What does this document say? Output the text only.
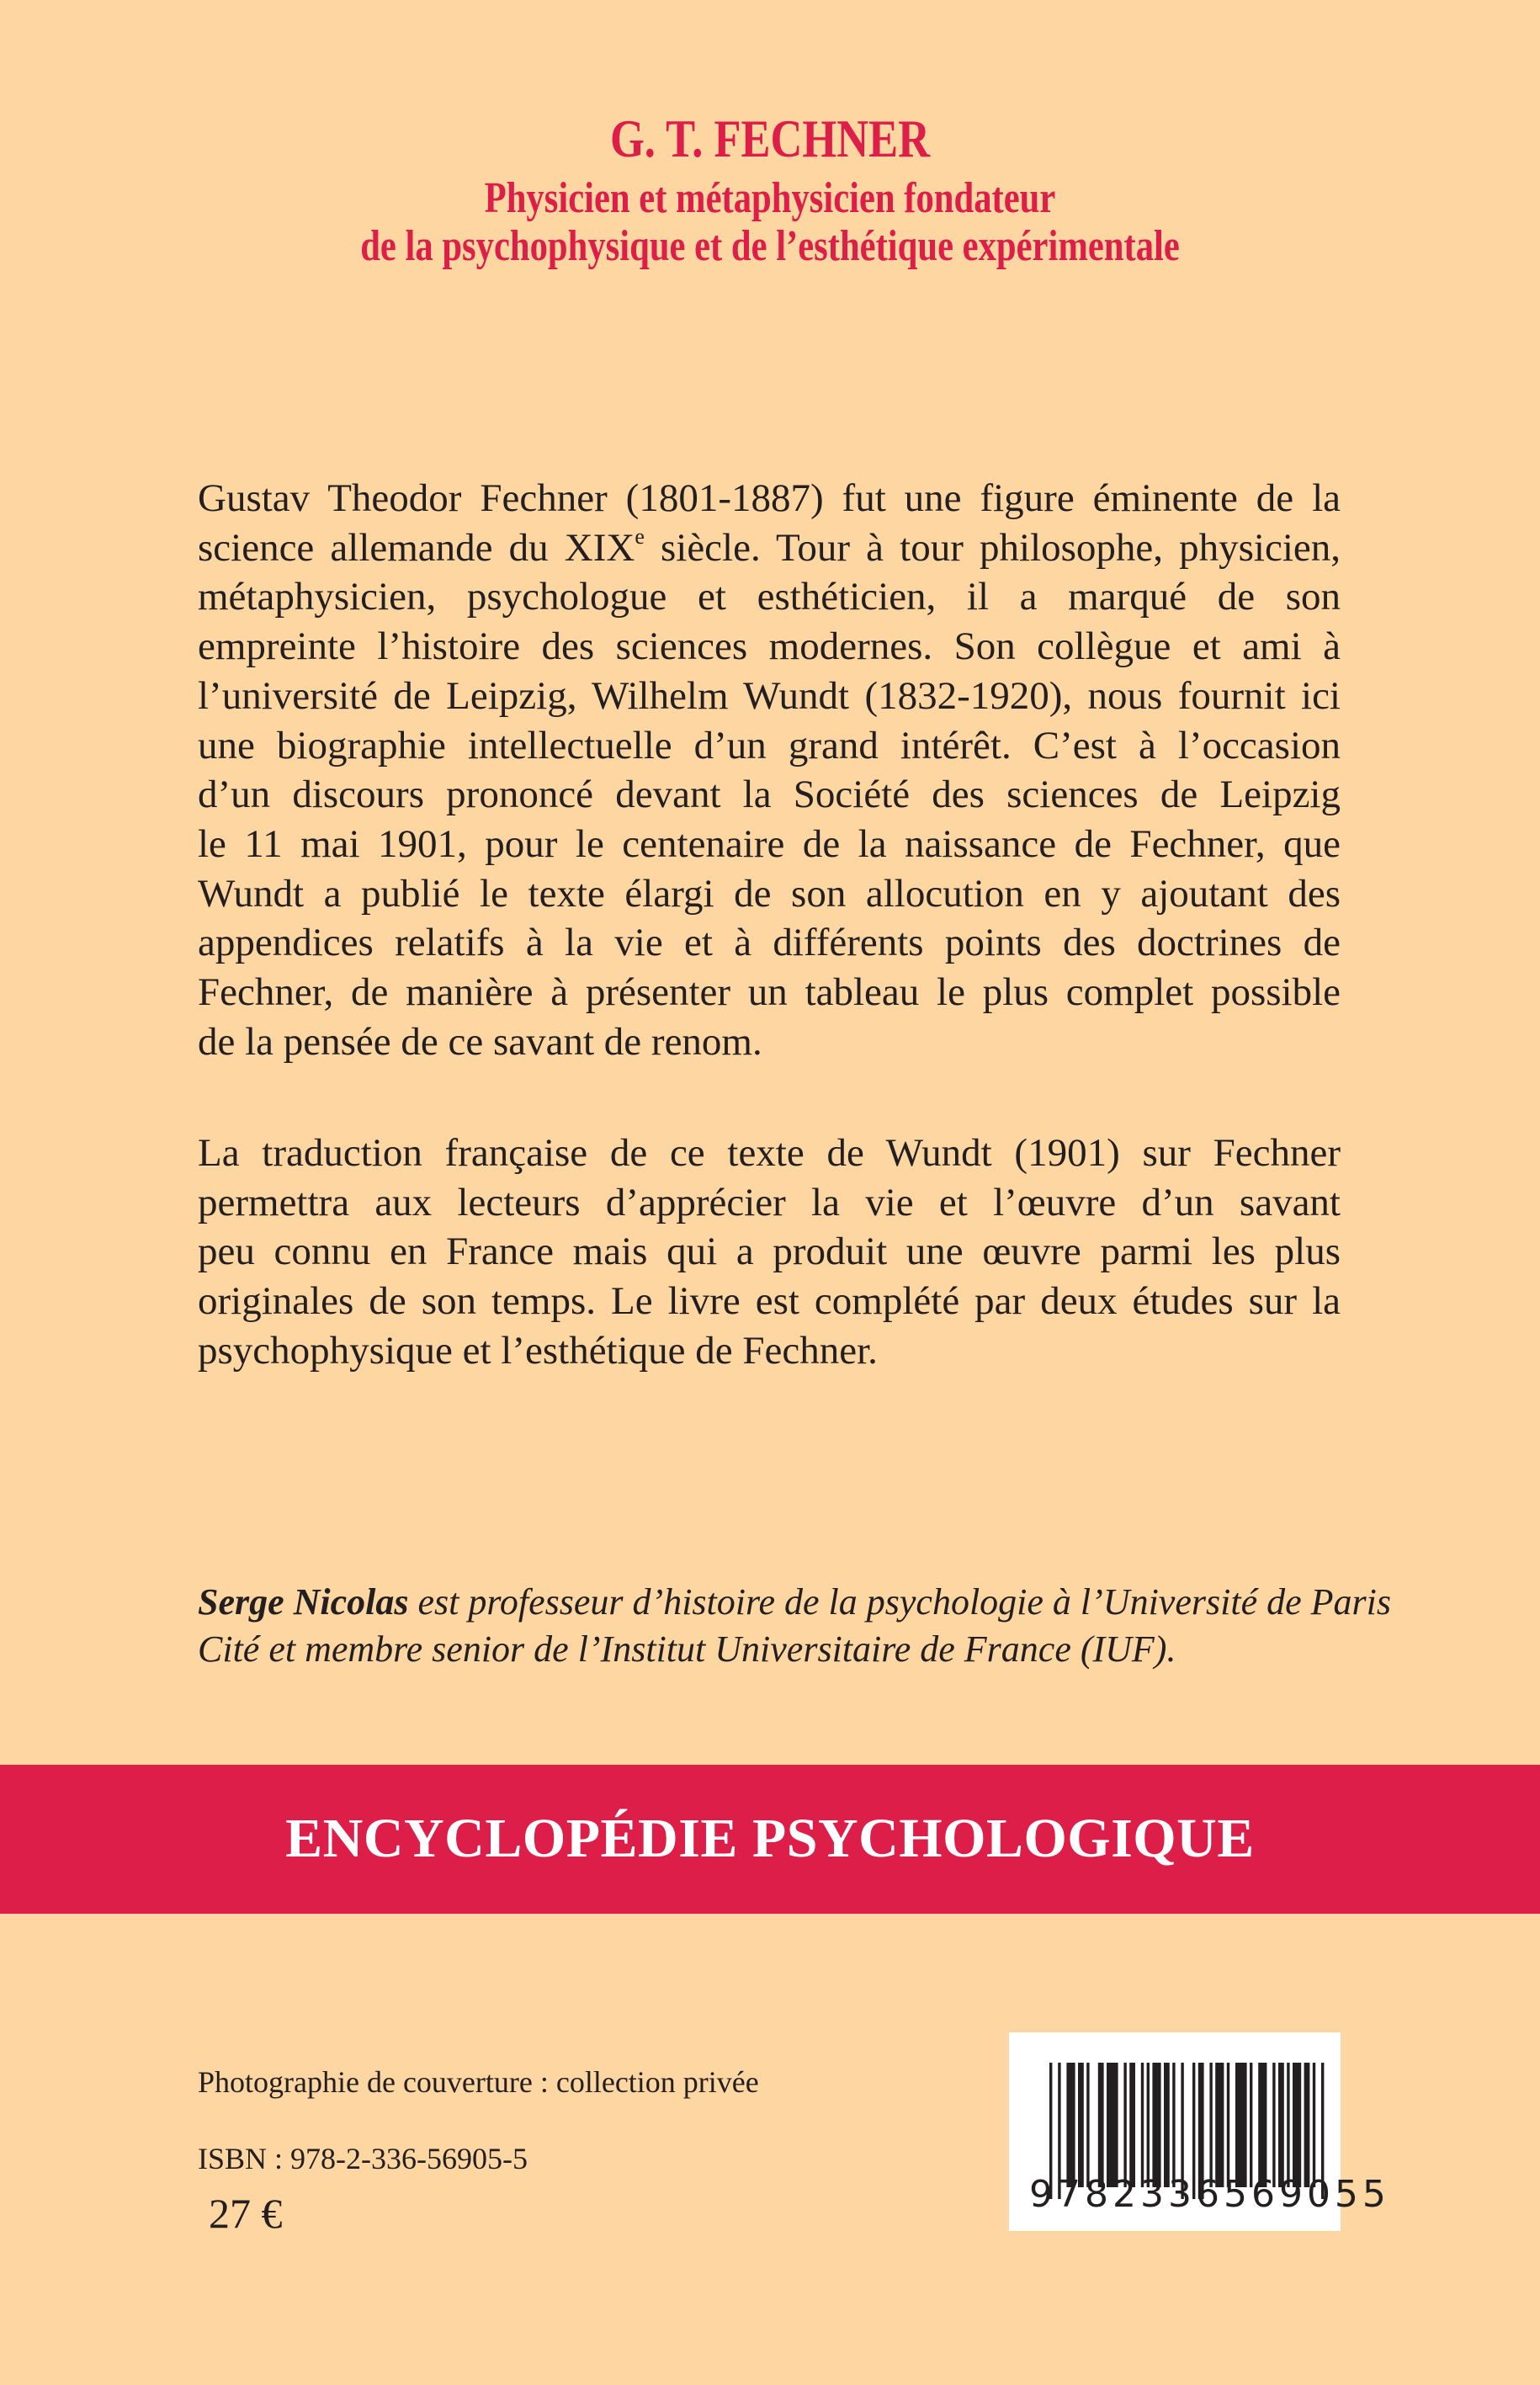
G. T. FECHNER
Physicien et métaphysicien fondateur
de la psychophysique et de l’esthétique expérimentale
Gustav Theodor Fechner (1801-1887) fut une figure éminente de la
science allemande du XIXe siècle. Tour à tour philosophe, physicien,
métaphysicien, psychologue et esthéticien, il a marqué de son
empreinte l’histoire des sciences modernes. Son collègue et ami à
l’université de Leipzig, Wilhelm Wundt (1832-1920), nous fournit ici
une biographie intellectuelle d’un grand intérêt. C’est à l’occasion
d’un discours prononcé devant la Société des sciences de Leipzig
le 11 mai 1901, pour le centenaire de la naissance de Fechner, que
Wundt a publié le texte élargi de son allocution en y ajoutant des
appendices relatifs à la vie et à différents points des doctrines de
Fechner, de manière à présenter un tableau le plus complet possible
de la pensée de ce savant de renom.
La traduction française de ce texte de Wundt (1901) sur Fechner
permettra aux lecteurs d’apprécier la vie et l’œuvre d’un savant
peu connu en France mais qui a produit une œuvre parmi les plus
originales de son temps. Le livre est complété par deux études sur la
psychophysique et l’esthétique de Fechner.
Serge Nicolas est professeur d’histoire de la psychologie à l’Université de Paris
Cité et membre senior de l’Institut Universitaire de France (IUF).
ENCYCLOPÉDIE PSYCHOLOGIQUE
Photographie de couverture : collection privée
ISBN : 978-2-336-56905-5
27 €	9782336569055
